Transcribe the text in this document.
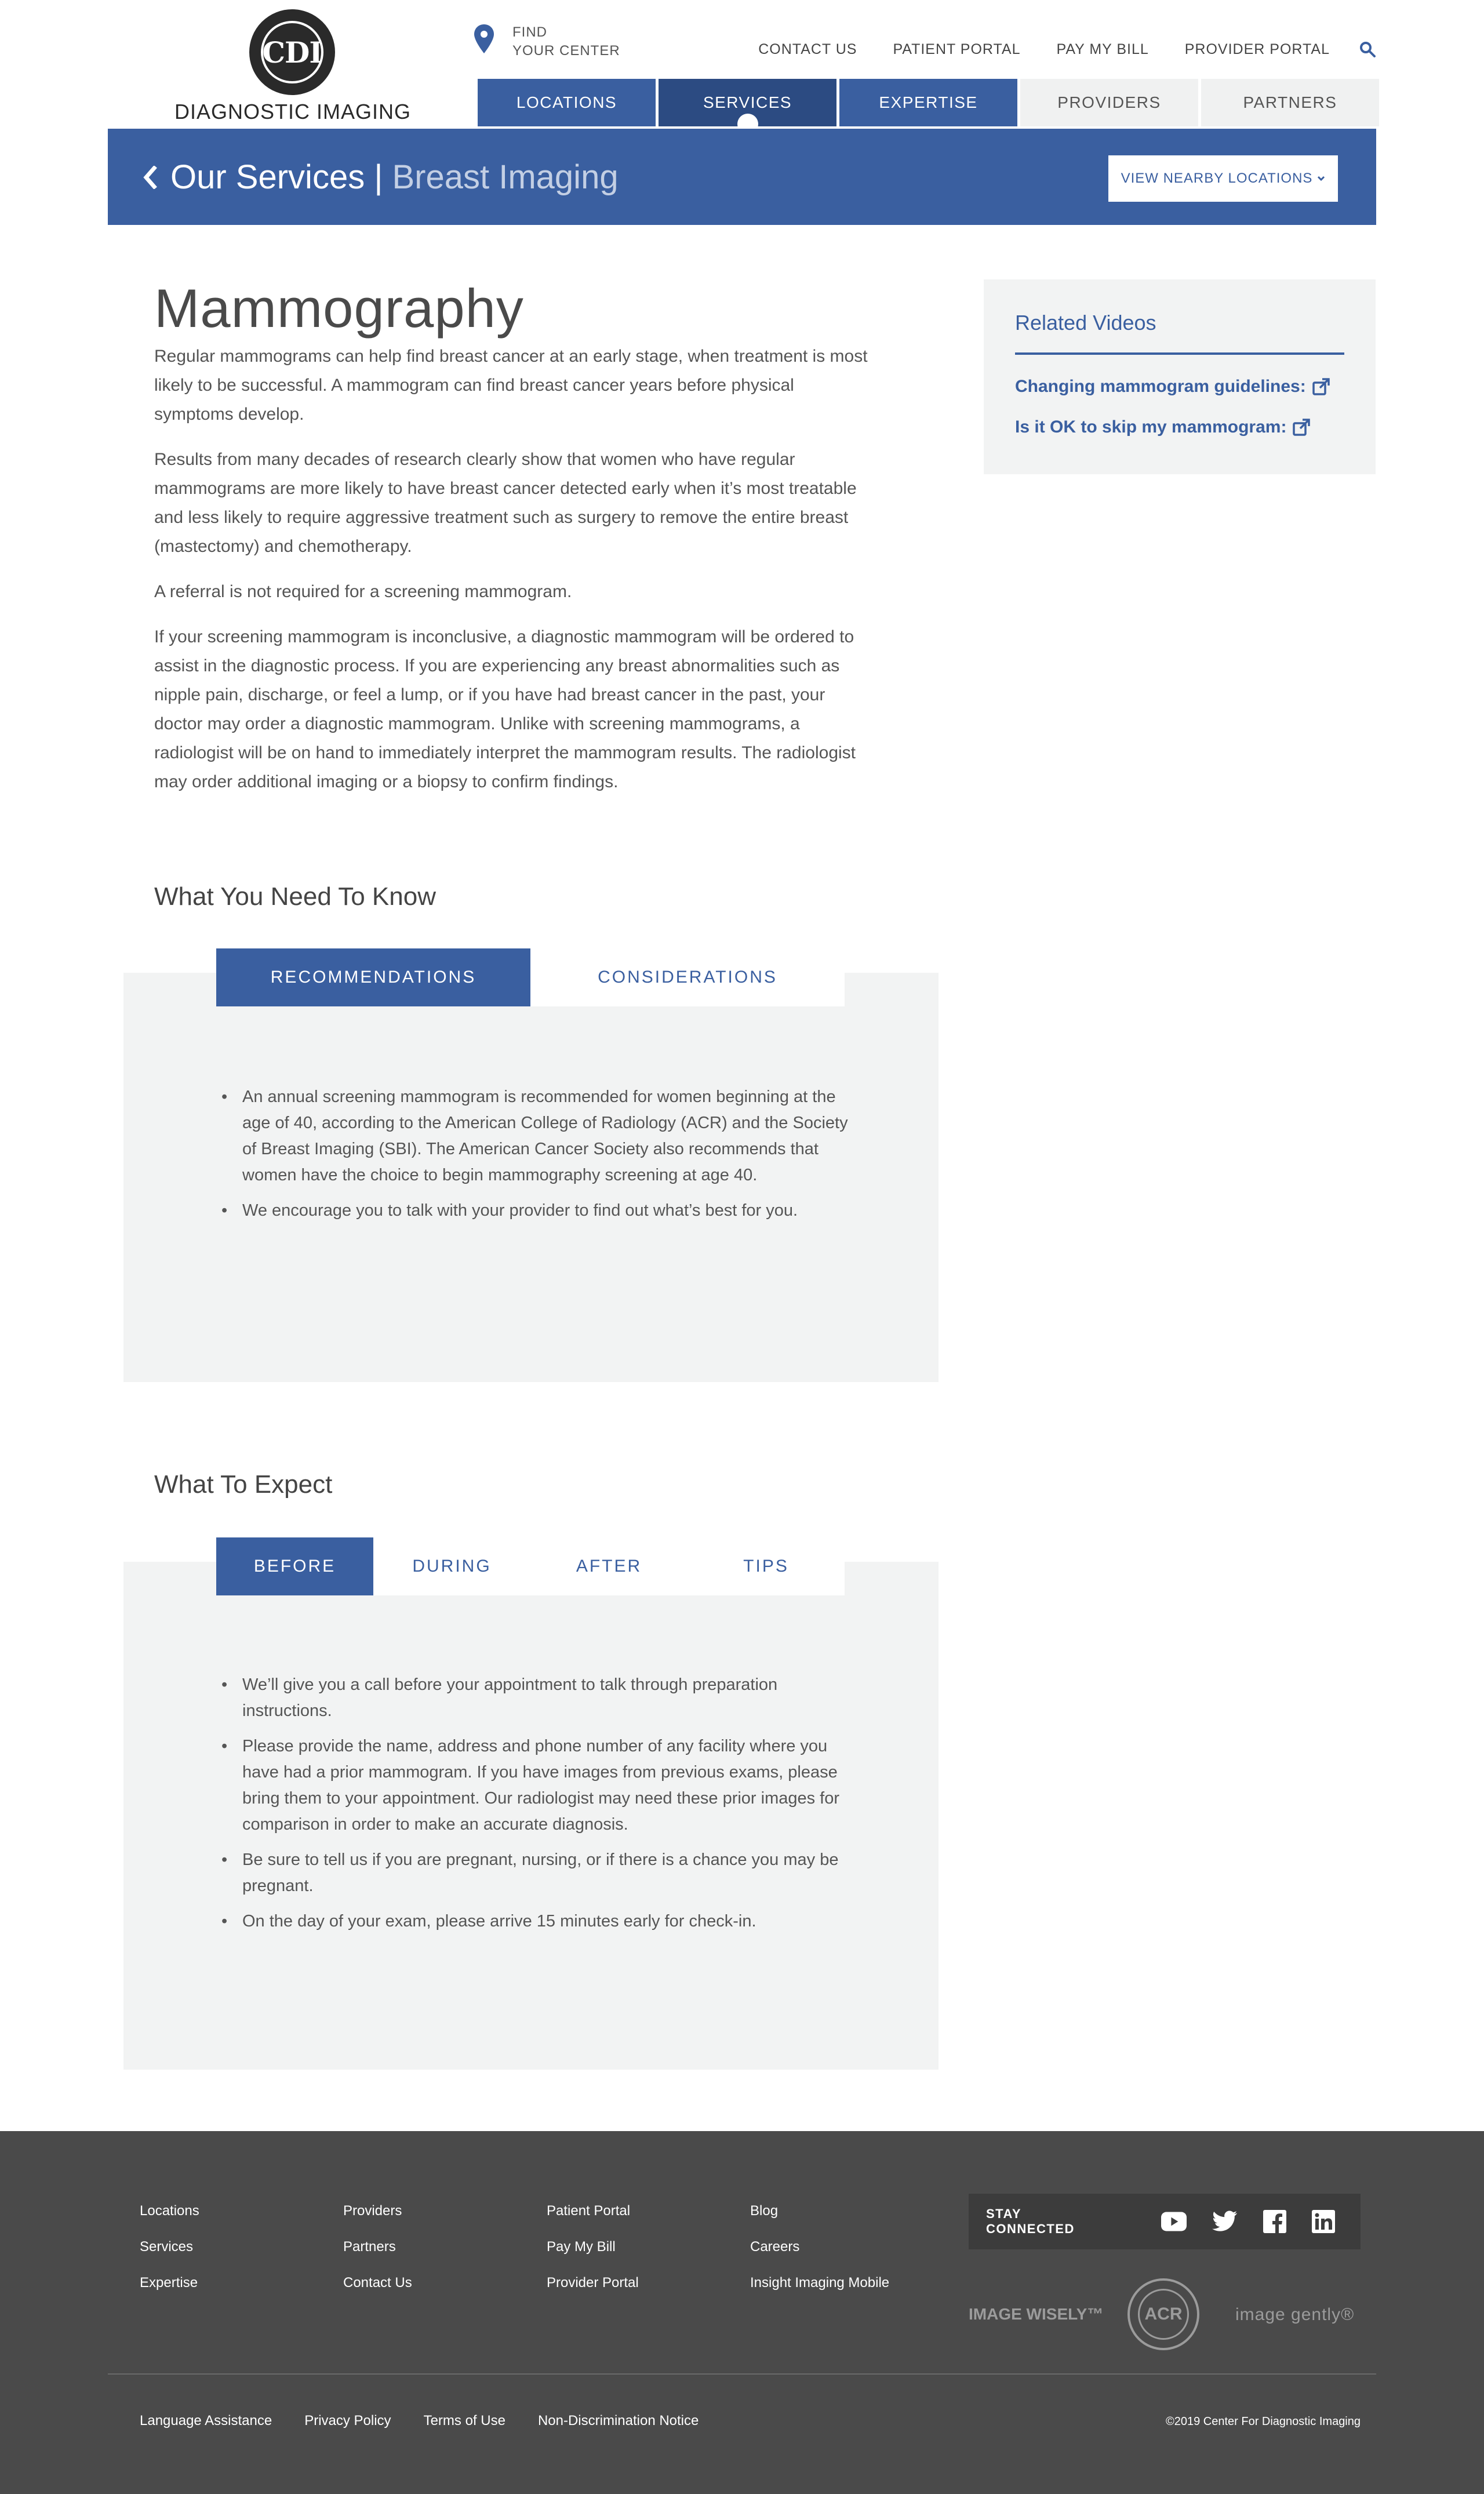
CDI
DIAGNOSTIC IMAGING
FIND
YOUR CENTER	CONTACT US PATIENT PORTAL PAY MY BILL PROVIDER PORTAL
LOCATIONS	SERVICES	EXPERTISE	PROVIDERS	PARTNERS
Our Services | Breast Imaging	VIEW NEARBY LOCATIONS
Mammography

Regular mammograms can help find breast cancer at an early stage, when treatment is most likely to be successful. A mammogram can find breast cancer years before physical symptoms develop.

Results from many decades of research clearly show that women who have regular mammograms are more likely to have breast cancer detected early when it’s most treatable and less likely to require aggressive treatment such as surgery to remove the entire breast (mastectomy) and chemotherapy.

A referral is not required for a screening mammogram.

If your screening mammogram is inconclusive, a diagnostic mammogram will be ordered to assist in the diagnostic process. If you are experiencing any breast abnormalities such as nipple pain, discharge, or feel a lump, or if you have had breast cancer in the past, your doctor may order a diagnostic mammogram. Unlike with screening mammograms, a radiologist will be on hand to immediately interpret the mammogram results. The radiologist may order additional imaging or a biopsy to confirm findings.

Related Videos
Changing mammogram guidelines:
Is it OK to skip my mammogram:
What You Need To Know
RECOMMENDATIONS	CONSIDERATIONS
• An annual screening mammogram is recommended for women beginning at the age of 40, according to the American College of Radiology (ACR) and the Society of Breast Imaging (SBI). The American Cancer Society also recommends that women have the choice to begin mammography screening at age 40.
• We encourage you to talk with your provider to find out what’s best for you.
What To Expect
BEFORE	DURING	AFTER	TIPS
• We’ll give you a call before your appointment to talk through preparation instructions.
• Please provide the name, address and phone number of any facility where you have had a prior mammogram. If you have images from previous exams, please bring them to your appointment. Our radiologist may need these prior images for comparison in order to make an accurate diagnosis.
• Be sure to tell us if you are pregnant, nursing, or if there is a chance you may be pregnant.
• On the day of your exam, please arrive 15 minutes early for check-in.
Locations
Services
Expertise
Providers
Partners
Contact Us
Patient Portal
Pay My Bill
Provider Portal
Blog
Careers
Insight Imaging Mobile
STAY CONNECTED
IMAGE WISELY™	ACR	image gently®
Language Assistance Privacy Policy Terms of Use Non-Discrimination Notice	©2019 Center For Diagnostic Imaging
